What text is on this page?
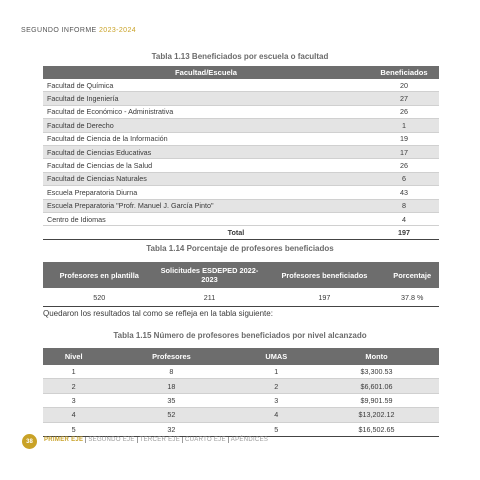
SEGUNDO INFORME 2023-2024
Tabla 1.13 Beneficiados por escuela o facultad
Facultad/Escuela	Beneficiados
Facultad de Química	20
Facultad de Ingeniería	27
Facultad de Económico - Administrativa	26
Facultad de Derecho	1
Facultad de Ciencia de la Información	19
Facultad de Ciencias Educativas	17
Facultad de Ciencias de la Salud	26
Facultad de Ciencias Naturales	6
Escuela Preparatoria Diurna	43
Escuela Preparatoria "Profr. Manuel J. García Pinto"	8
Centro de Idiomas	4
Total	197
Tabla 1.14 Porcentaje de profesores beneficiados
Profesores en plantilla	Solicitudes ESDEPED 2022-2023	Profesores beneficiados	Porcentaje
520	211	197	37.8 %
Quedaron los resultados tal como se refleja en la tabla siguiente:
Tabla 1.15 Número de profesores beneficiados por nivel alcanzado
Nivel	Profesores	UMAS	Monto
1	8	1	$3,300.53
2	18	2	$6,601.06
3	35	3	$9,901.59
4	52	4	$13,202.12
5	32	5	$16,502.65
38	PRIMER EJE SEGUNDO EJE TERCER EJE CUARTO EJE APÉNDICES
